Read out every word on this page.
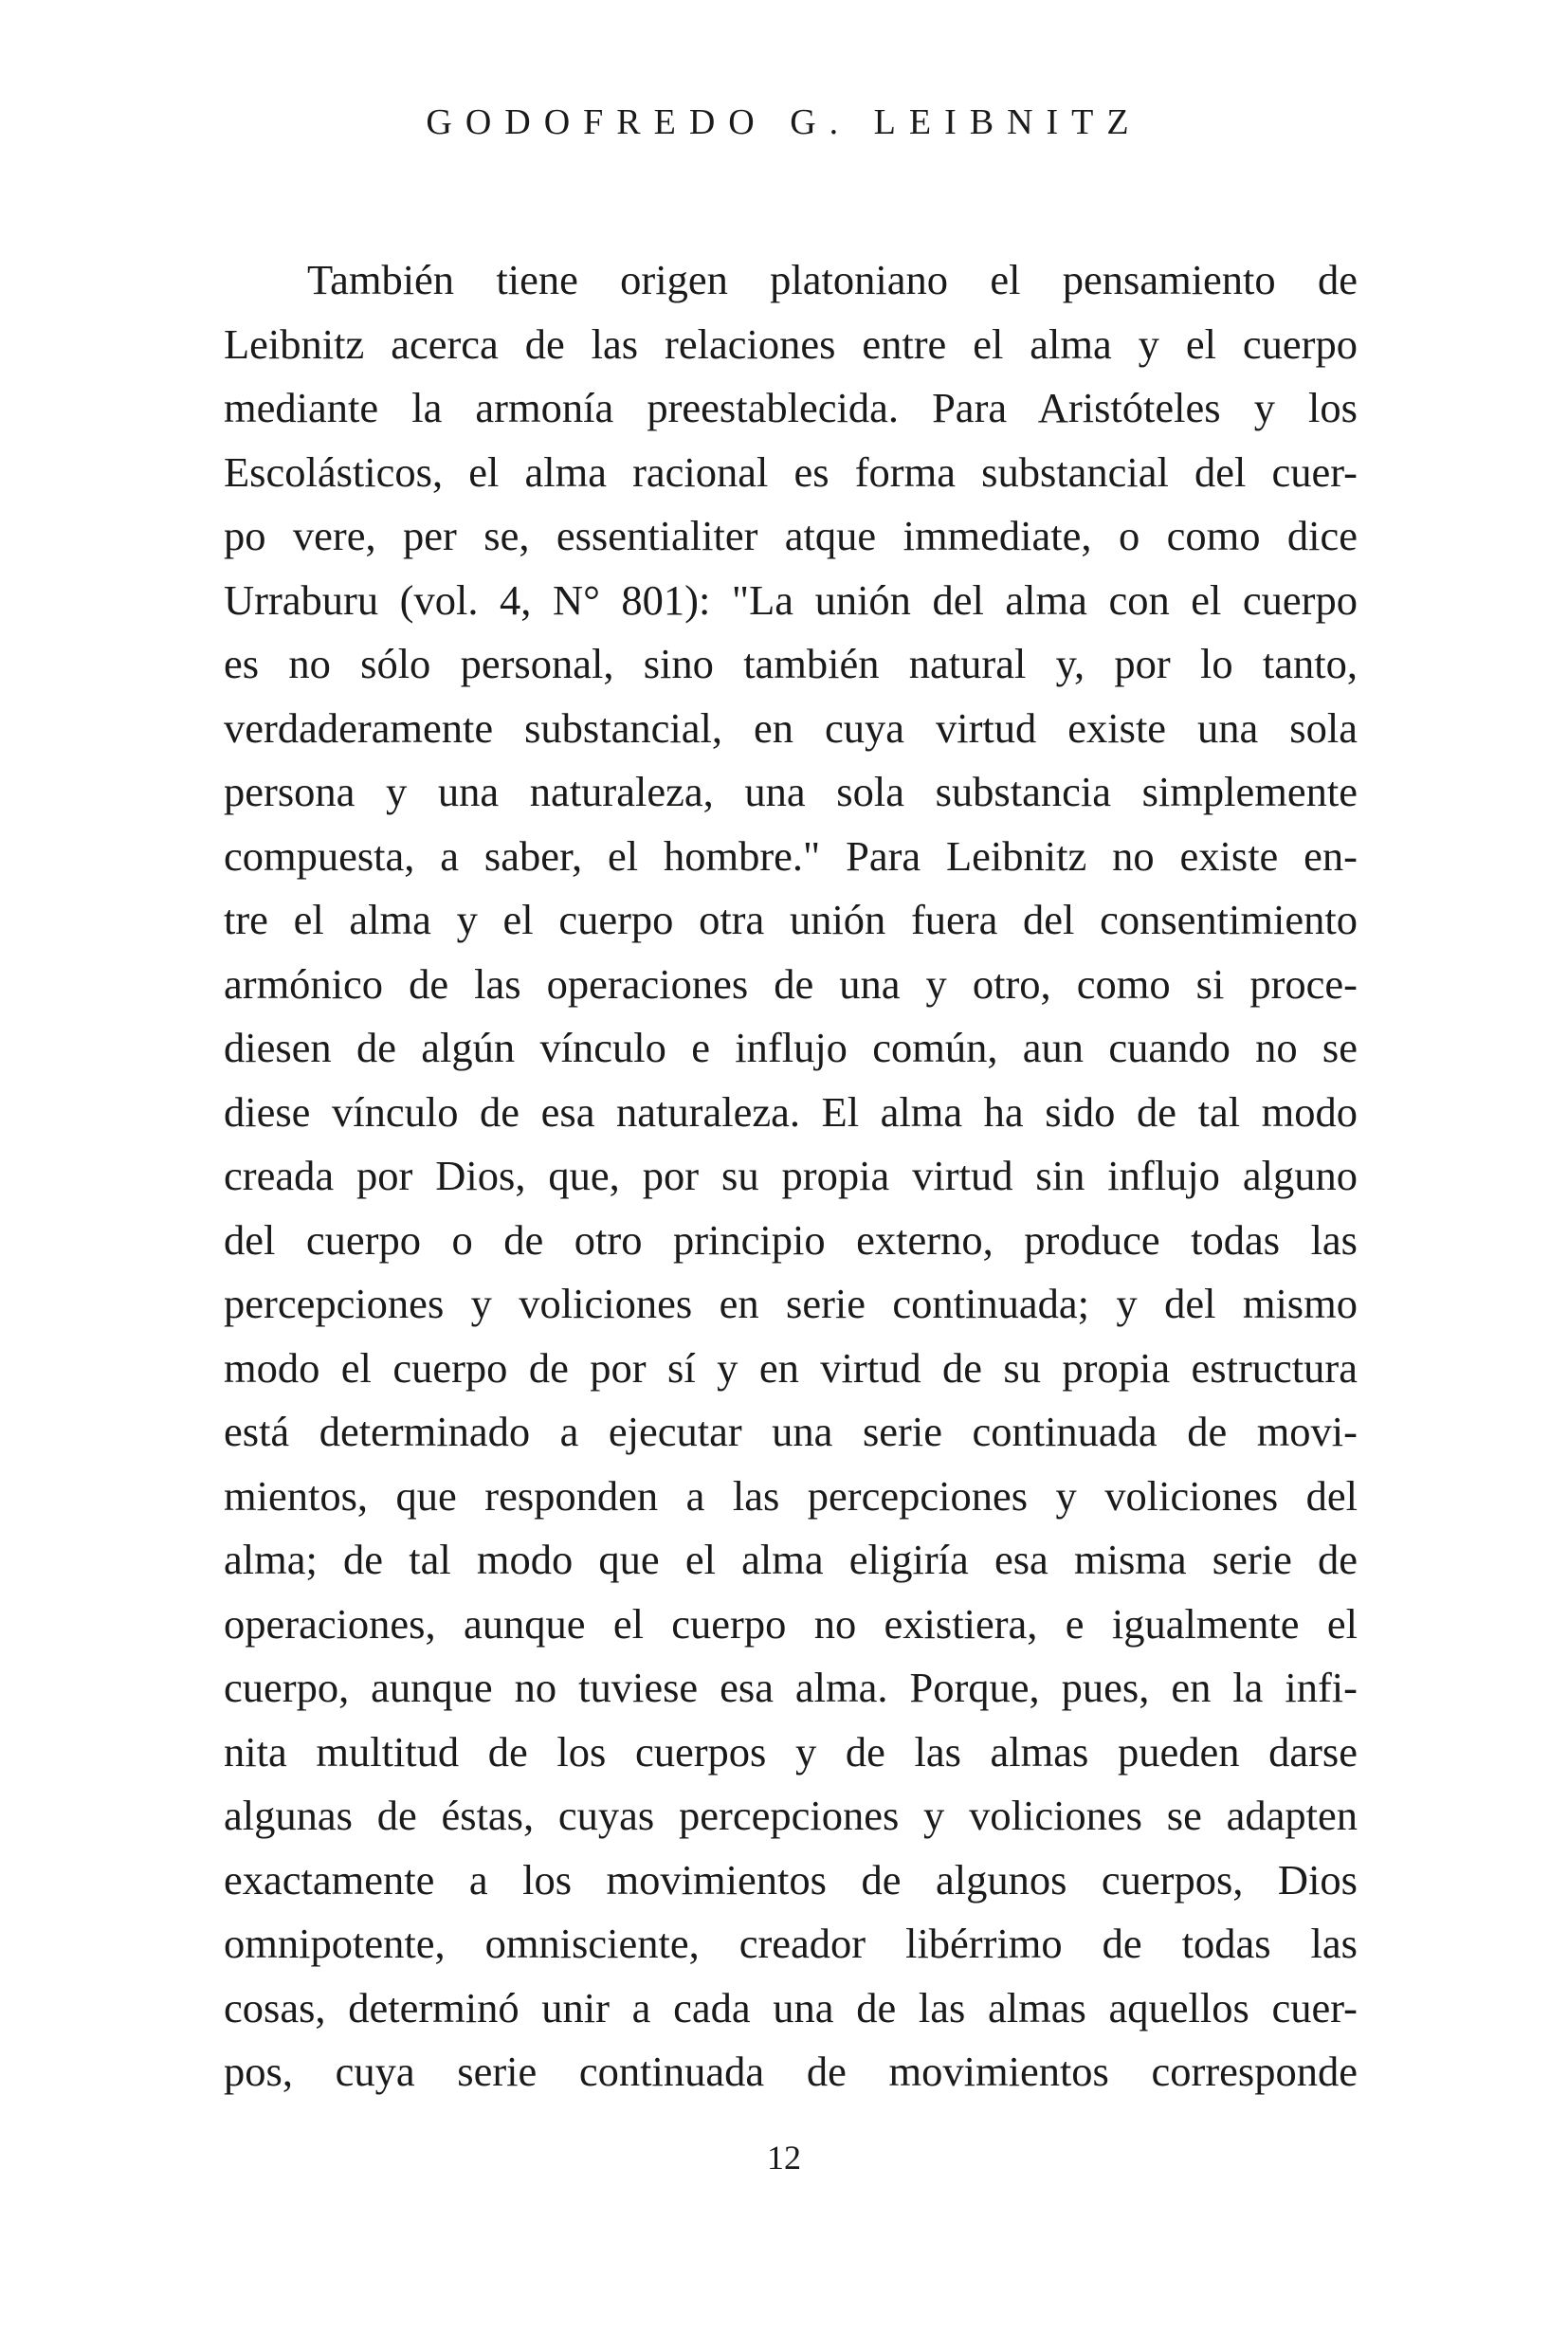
GODOFREDO G. LEIBNITZ
También tiene origen platoniano el pensamiento de
Leibnitz acerca de las relaciones entre el alma y el cuerpo
mediante la armonía preestablecida. Para Aristóteles y los
Escolásticos, el alma racional es forma substancial del cuer-
po vere, per se, essentialiter atque immediate, o como dice
Urraburu (vol. 4, N° 801): "La unión del alma con el cuerpo
es no sólo personal, sino también natural y, por lo tanto,
verdaderamente substancial, en cuya virtud existe una sola
persona y una naturaleza, una sola substancia simplemente
compuesta, a saber, el hombre." Para Leibnitz no existe en-
tre el alma y el cuerpo otra unión fuera del consentimiento
armónico de las operaciones de una y otro, como si proce-
diesen de algún vínculo e influjo común, aun cuando no se
diese vínculo de esa naturaleza. El alma ha sido de tal modo
creada por Dios, que, por su propia virtud sin influjo alguno
del cuerpo o de otro principio externo, produce todas las
percepciones y voliciones en serie continuada; y del mismo
modo el cuerpo de por sí y en virtud de su propia estructura
está determinado a ejecutar una serie continuada de movi-
mientos, que responden a las percepciones y voliciones del
alma; de tal modo que el alma eligiría esa misma serie de
operaciones, aunque el cuerpo no existiera, e igualmente el
cuerpo, aunque no tuviese esa alma. Porque, pues, en la infi-
nita multitud de los cuerpos y de las almas pueden darse
algunas de éstas, cuyas percepciones y voliciones se adapten
exactamente a los movimientos de algunos cuerpos, Dios
omnipotente, omnisciente, creador libérrimo de todas las
cosas, determinó unir a cada una de las almas aquellos cuer-
pos, cuya serie continuada de movimientos corresponde
12
